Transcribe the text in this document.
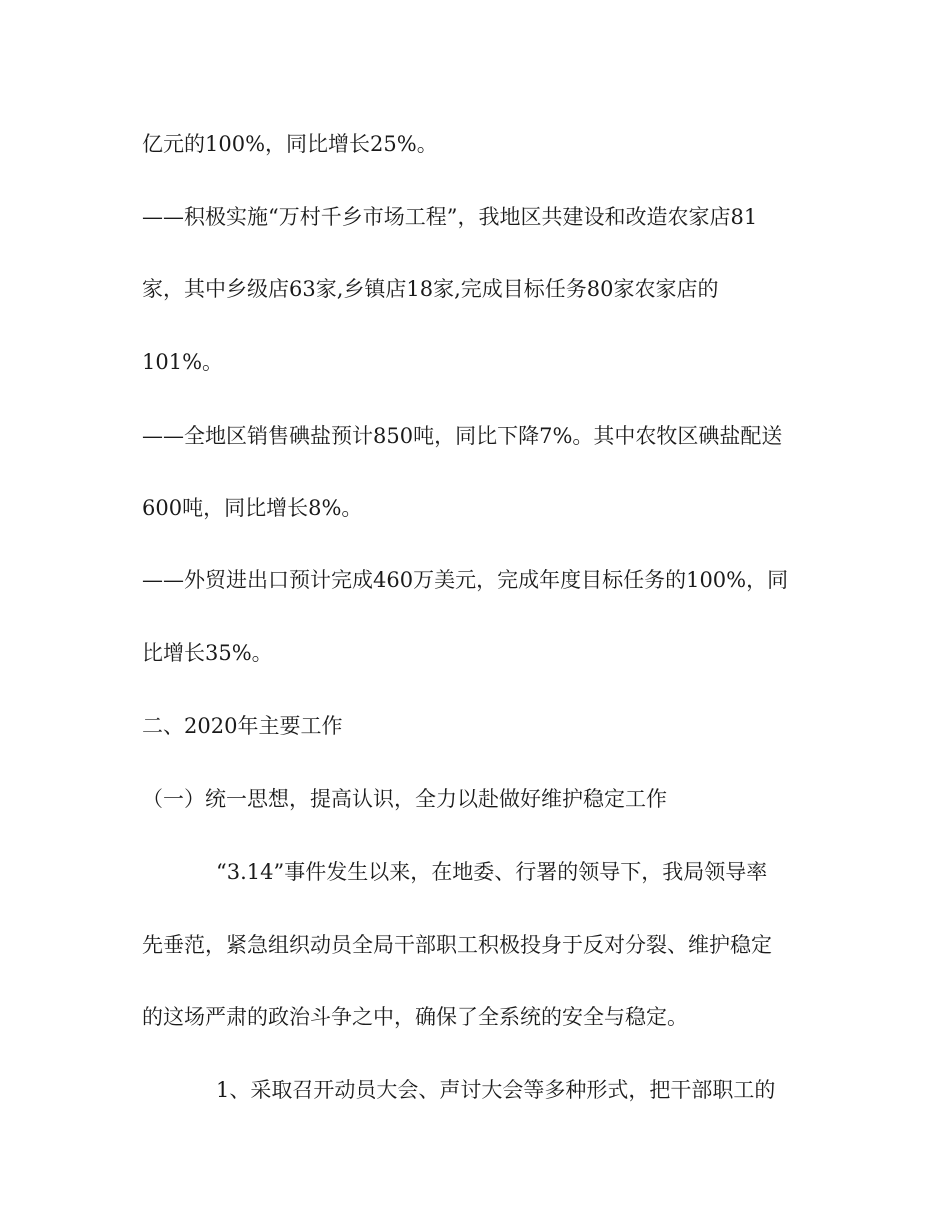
亿元的100%，同比增长25%。

——积极实施“万村千乡市场工程”，我地区共建设和改造农家店81

家，其中乡级店63家,乡镇店18家,完成目标任务80家农家店的

101%。

——全地区销售碘盐预计850吨，同比下降7%。其中农牧区碘盐配送

600吨，同比增长8%。

——外贸进出口预计完成460万美元，完成年度目标任务的100%，同

比增长35%。

二、2020年主要工作

（一）统一思想，提高认识，全力以赴做好维护稳定工作

“3.14”事件发生以来，在地委、行署的领导下，我局领导率

先垂范，紧急组织动员全局干部职工积极投身于反对分裂、维护稳定

的这场严肃的政治斗争之中，确保了全系统的安全与稳定。

1、采取召开动员大会、声讨大会等多种形式，把干部职工的
